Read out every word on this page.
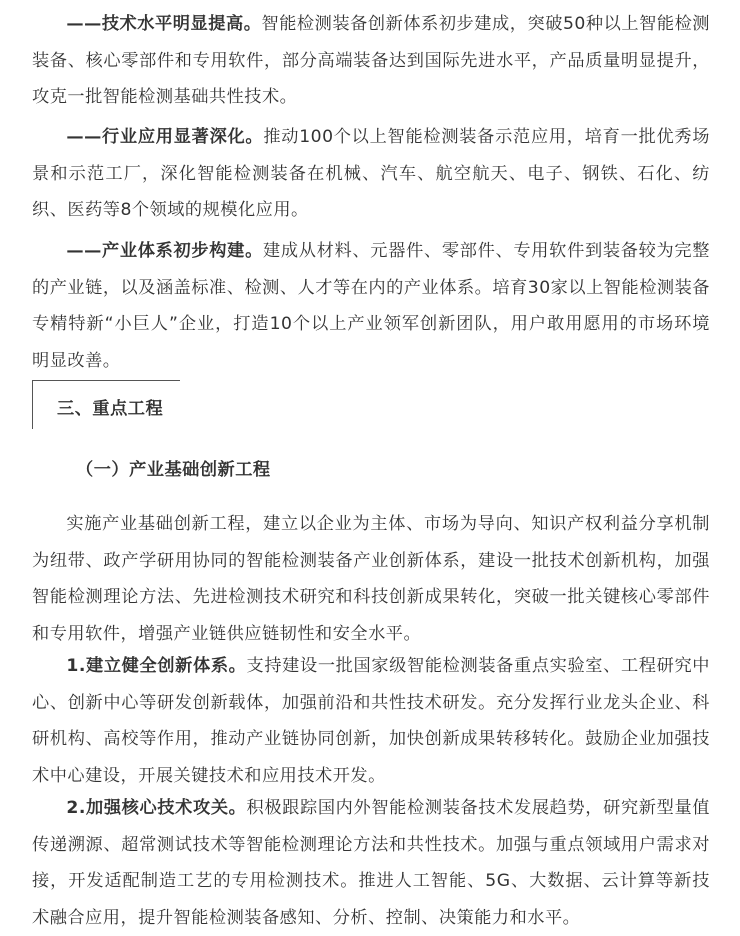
——技术水平明显提高。智能检测装备创新体系初步建成，突破50种以上智能检测装备、核心零部件和专用软件，部分高端装备达到国际先进水平，产品质量明显提升，攻克一批智能检测基础共性技术。

——行业应用显著深化。推动100个以上智能检测装备示范应用，培育一批优秀场景和示范工厂，深化智能检测装备在机械、汽车、航空航天、电子、钢铁、石化、纺织、医药等8个领域的规模化应用。

——产业体系初步构建。建成从材料、元器件、零部件、专用软件到装备较为完整的产业链，以及涵盖标准、检测、人才等在内的产业体系。培育30家以上智能检测装备专精特新“小巨人”企业，打造10个以上产业领军创新团队，用户敢用愿用的市场环境明显改善。

三、重点工程
（一）产业基础创新工程

实施产业基础创新工程，建立以企业为主体、市场为导向、知识产权利益分享机制为纽带、政产学研用协同的智能检测装备产业创新体系，建设一批技术创新机构，加强智能检测理论方法、先进检测技术研究和科技创新成果转化，突破一批关键核心零部件和专用软件，增强产业链供应链韧性和安全水平。

1.建立健全创新体系。支持建设一批国家级智能检测装备重点实验室、工程研究中心、创新中心等研发创新载体，加强前沿和共性技术研发。充分发挥行业龙头企业、科研机构、高校等作用，推动产业链协同创新，加快创新成果转移转化。鼓励企业加强技术中心建设，开展关键技术和应用技术开发。

2.加强核心技术攻关。积极跟踪国内外智能检测装备技术发展趋势，研究新型量值传递溯源、超常测试技术等智能检测理论方法和共性技术。加强与重点领域用户需求对接，开发适配制造工艺的专用检测技术。推进人工智能、5G、大数据、云计算等新技术融合应用，提升智能检测装备感知、分析、控制、决策能力和水平。
